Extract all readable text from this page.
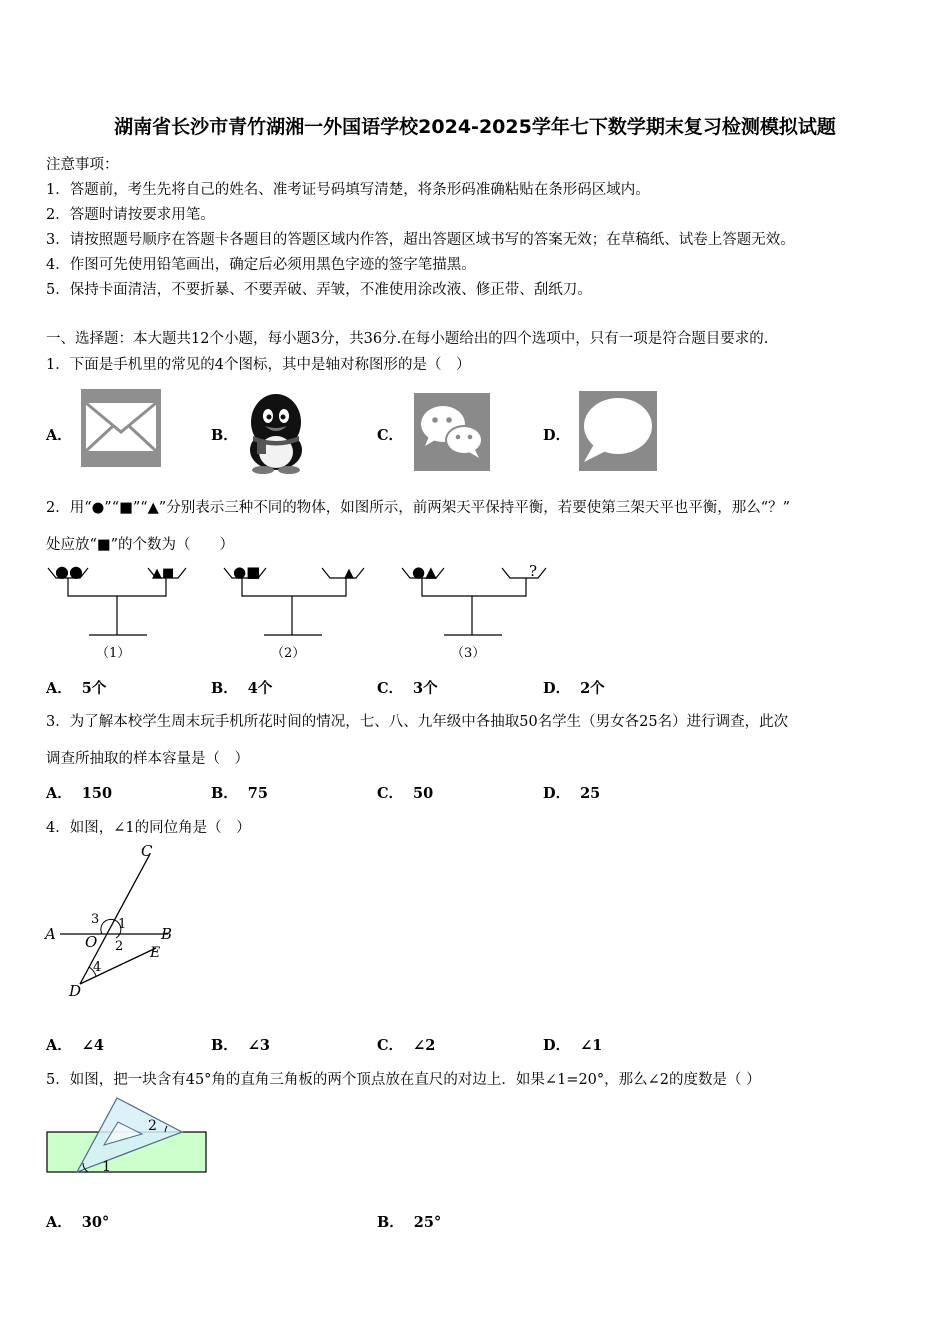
湖南省长沙市青竹湖湘一外国语学校2024-2025学年七下数学期末复习检测模拟试题
注意事项：
1．答题前，考生先将自己的姓名、准考证号码填写清楚，将条形码准确粘贴在条形码区域内。
2．答题时请按要求用笔。
3．请按照题号顺序在答题卡各题目的答题区域内作答，超出答题区域书写的答案无效；在草稿纸、试卷上答题无效。
4．作图可先使用铅笔画出，确定后必须用黑色字迹的签字笔描黑。
5．保持卡面清洁，不要折暴、不要弄破、弄皱，不准使用涂改液、修正带、刮纸刀。
一、选择题：本大题共12个小题，每小题3分，共36分.在每小题给出的四个选项中，只有一项是符合题目要求的.
1．下面是手机里的常见的4个图标，其中是轴对称图形的是（　）
A．	B．	C．	D．
2．用“●”“■”“▲”分别表示三种不同的物体，如图所示，前两架天平保持平衡，若要使第三架天平也平衡，那么“？”
处应放“■”的个数为（　　）
●●	▲■
（1）
●■	▲
（2）
●▲	?
（3）
A． 5个	B． 4个	C． 3个	D． 2个
3．为了解本校学生周末玩手机所花时间的情况，七、八、九年级中各抽取50名学生（男女各25名）进行调查，此次
调查所抽取的样本容量是（　）
A． 150	B． 75	C． 50	D． 25
4．如图，∠1的同位角是（　）
C
A	B
O
E
D
3 1
2
4
A． ∠4	B． ∠3	C． ∠2	D． ∠1
5．如图，把一块含有45°角的直角三角板的两个顶点放在直尺的对边上．如果∠1=20°，那么∠2的度数是（ ）
2
1
A． 30°	B． 25°
